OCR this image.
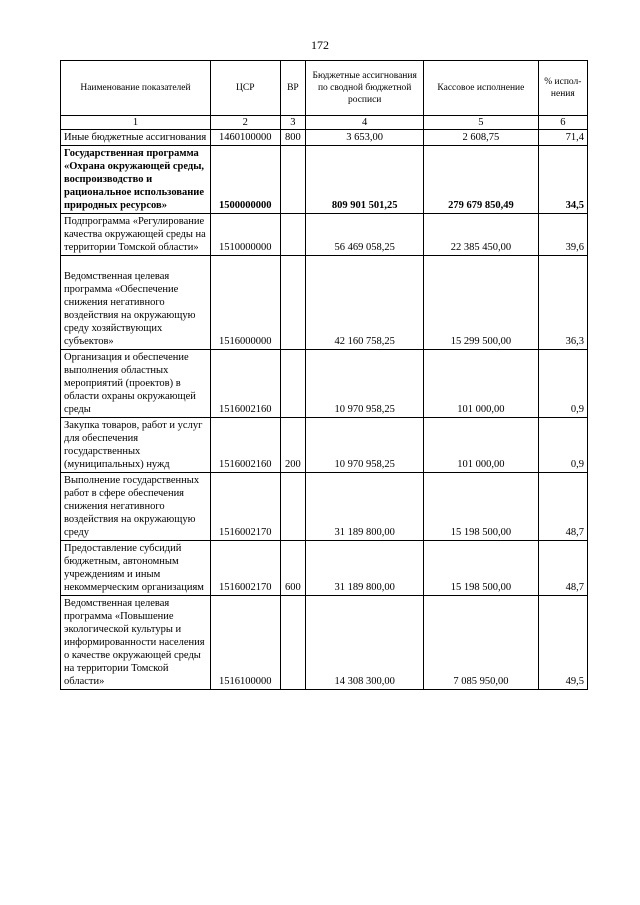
172
Наименование показателей	ЦСР	ВР	Бюджетные ассигнования по сводной бюджетной росписи	Кассовое исполнение	% испол-нения
1	2	3	4	5	6
Иные бюджетные ассигнования	1460100000	800	3 653,00	2 608,75	71,4
Государственная программа «Охрана окружающей среды, воспроизводство и рациональное использование природных ресурсов»	1500000000		809 901 501,25	279 679 850,49	34,5
Подпрограмма «Регулирование качества окружающей среды на территории Томской области»	1510000000		56 469 058,25	22 385 450,00	39,6

Ведомственная целевая программа «Обеспечение снижения негативного воздействия на окружающую среду хозяйствующих субъектов»	1516000000		42 160 758,25	15 299 500,00	36,3
Организация и обеспечение выполнения областных мероприятий (проектов) в области охраны окружающей среды	1516002160		10 970 958,25	101 000,00	0,9
Закупка товаров, работ и услуг для обеспечения государственных (муниципальных) нужд	1516002160	200	10 970 958,25	101 000,00	0,9
Выполнение государственных работ в сфере обеспечения снижения негативного воздействия на окружающую среду	1516002170		31 189 800,00	15 198 500,00	48,7
Предоставление субсидий бюджетным, автономным учреждениям и иным некоммерческим организациям	1516002170	600	31 189 800,00	15 198 500,00	48,7
Ведомственная целевая программа «Повышение экологической культуры и информированности населения о качестве окружающей среды на территории Томской области»	1516100000		14 308 300,00	7 085 950,00	49,5
